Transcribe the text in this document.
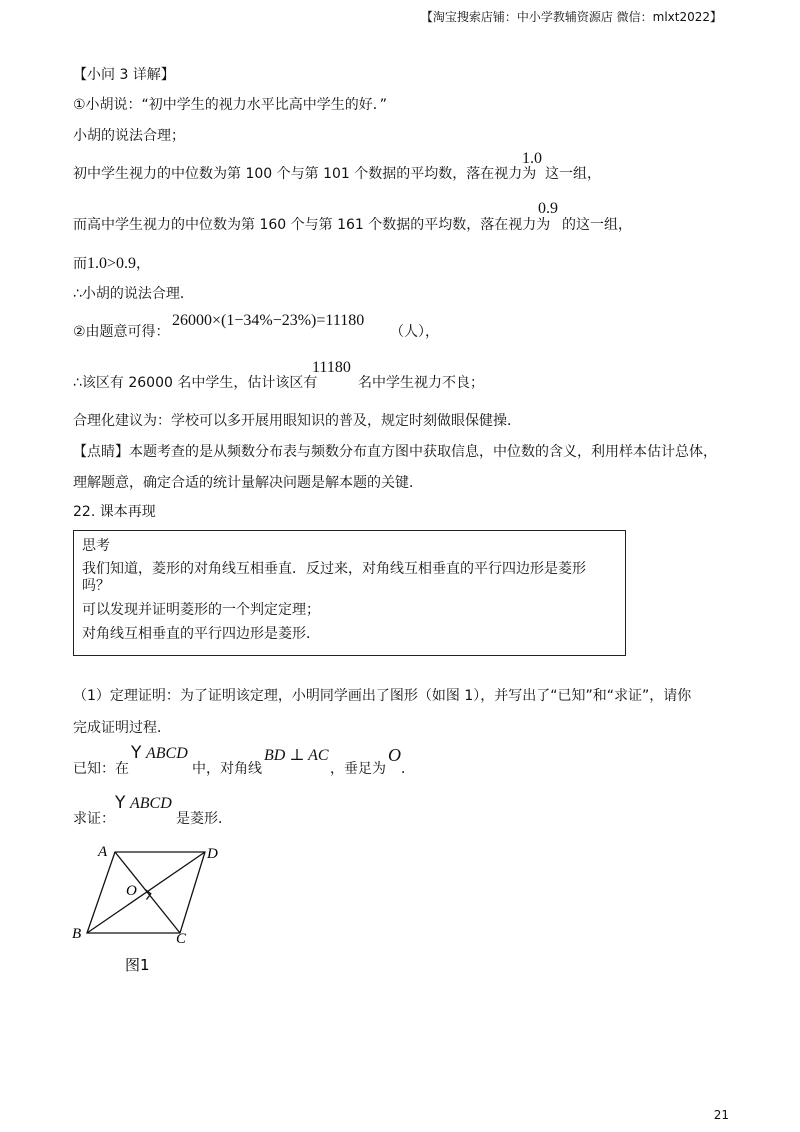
【淘宝搜索店铺：中小学教辅资源店 微信：mlxt2022】
【小问 3 详解】
①小胡说：“初中学生的视力水平比高中学生的好．”
小胡的说法合理；
初中学生视力的中位数为第 100 个与第 101 个数据的平均数，落在视力为
1.0
这一组，
而高中学生视力的中位数为第 160 个与第 161 个数据的平均数，落在视力为
0.9
的这一组，
而1.0>0.9，
∴小胡的说法合理．
②由题意可得：
26000×(1−34%−23%)=11180
（人），
∴该区有 26000 名中学生，估计该区有
11180
名中学生视力不良；
合理化建议为：学校可以多开展用眼知识的普及，规定时刻做眼保健操．
【点睛】本题考查的是从频数分布表与频数分布直方图中获取信息，中位数的含义，利用样本估计总体，
理解题意，确定合适的统计量解决问题是解本题的关键．
22. 课本再现
思考
我们知道，菱形的对角线互相垂直．反过来，对角线互相垂直的平行四边形是菱形
吗？
可以发现并证明菱形的一个判定定理；
对角线互相垂直的平行四边形是菱形．
（1）定理证明：为了证明该定理，小明同学画出了图形（如图 1），并写出了“已知”和“求证”，请你
完成证明过程．
已知：在
Y ABCD
中，对角线
BD ⊥ AC
，垂足为
O
．
求证：
Y ABCD
是菱形．
A	D
O
B	C
图1
21
